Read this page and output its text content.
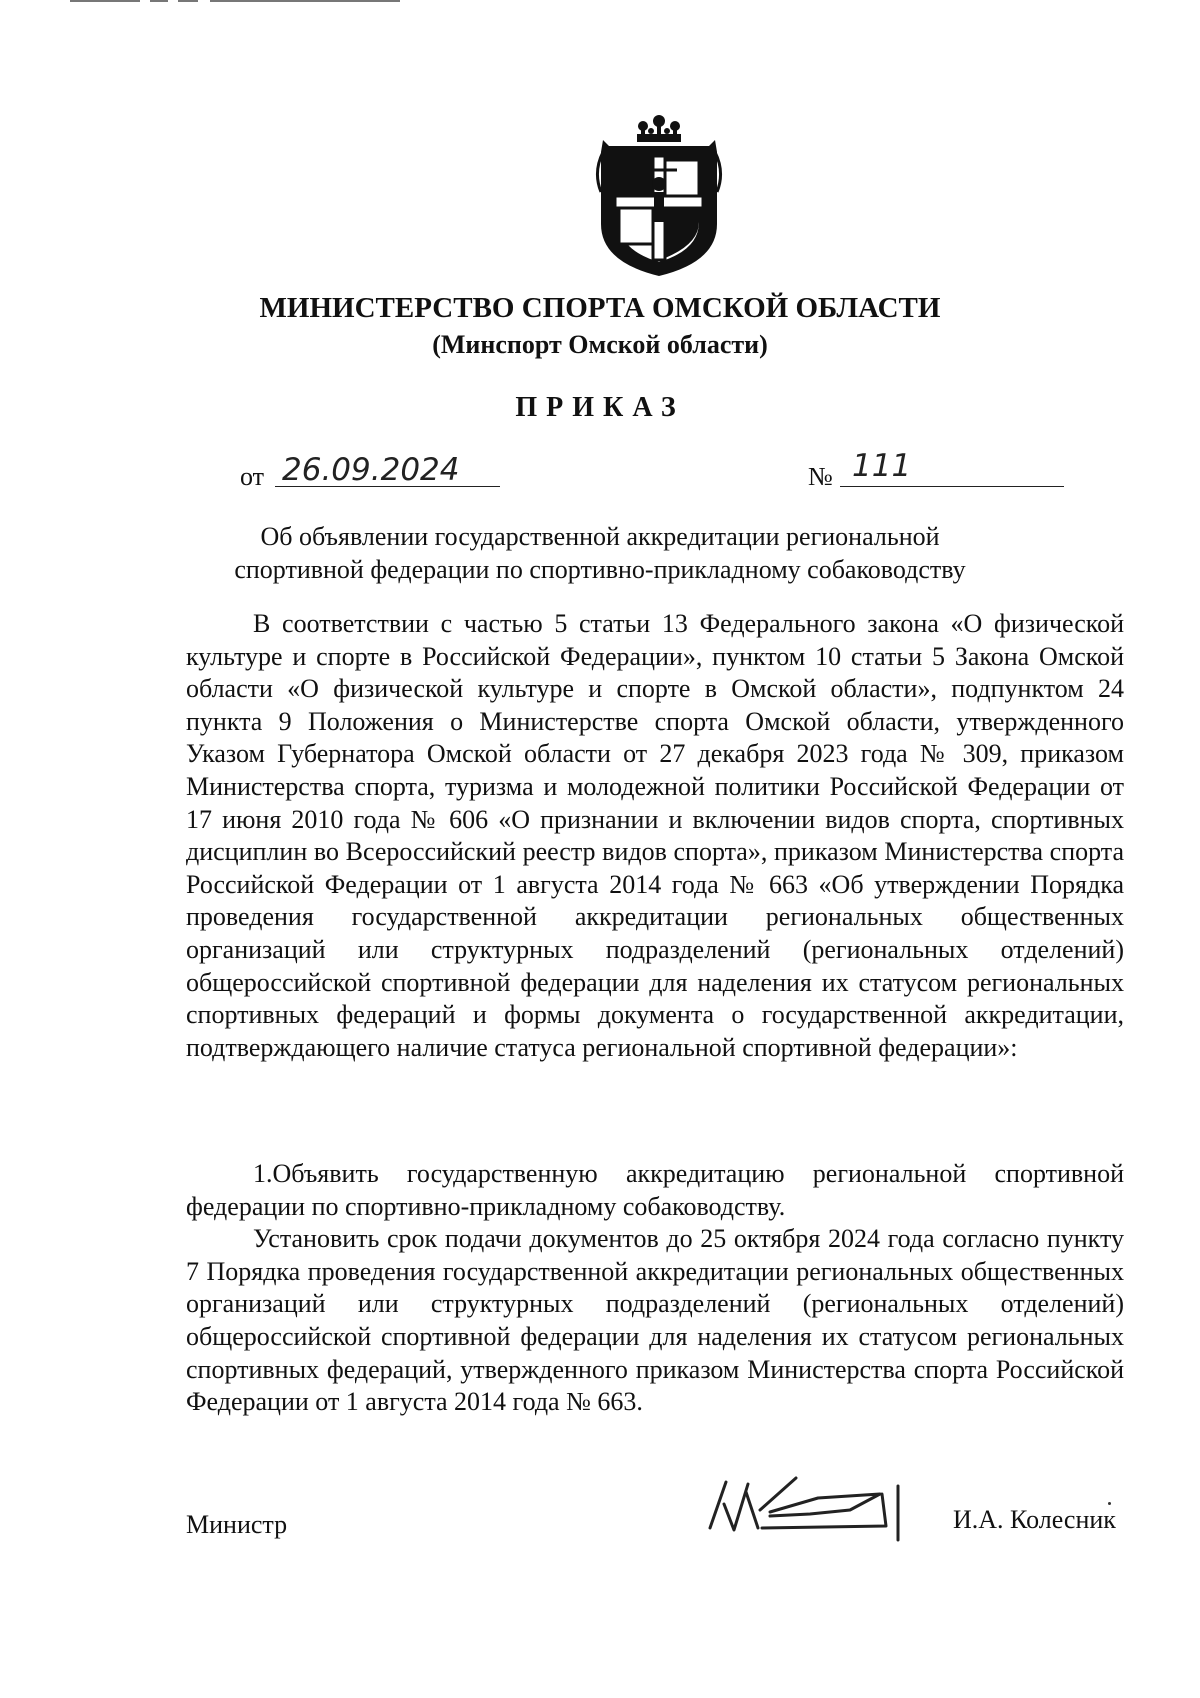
МИНИСТЕРСТВО СПОРТА ОМСКОЙ ОБЛАСТИ
(Минспорт Омской области)
ПРИКАЗ
от 26.09.2024	№ 111
Об объявлении государственной аккредитации региональной
спортивной федерации по спортивно-прикладному собаководству

В соответствии с частью 5 статьи 13 Федерального закона «О физической культуре и спорте в Российской Федерации», пунктом 10 статьи 5 Закона Омской области «О физической культуре и спорте в Омской области», подпунктом 24 пункта 9 Положения о Министерстве спорта Омской области, утвержденного Указом Губернатора Омской области от 27 декабря 2023 года № 309, приказом Министерства спорта, туризма и молодежной политики Российской Федерации от 17 июня 2010 года № 606 «О признании и включении видов спорта, спортивных дисциплин во Всероссийский реестр видов спорта», приказом Министерства спорта Российской Федерации от 1 августа 2014 года № 663 «Об утверждении Порядка проведения государственной аккредитации региональных общественных организаций или структурных подразделений (региональных отделений) общероссийской спортивной федерации для наделения их статусом региональных спортивных федераций и формы документа о государственной аккредитации, подтверждающего наличие статуса региональной спортивной федерации»:

1.Объявить государственную аккредитацию региональной спортивной федерации по спортивно-прикладному собаководству.

Установить срок подачи документов до 25 октября 2024 года согласно пункту 7 Порядка проведения государственной аккредитации региональных общественных организаций или структурных подразделений (региональных отделений) общероссийской спортивной федерации для наделения их статусом региональных спортивных федераций, утвержденного приказом Министерства спорта Российской Федерации от 1 августа 2014 года № 663.

Министр	И.А. Колесник
